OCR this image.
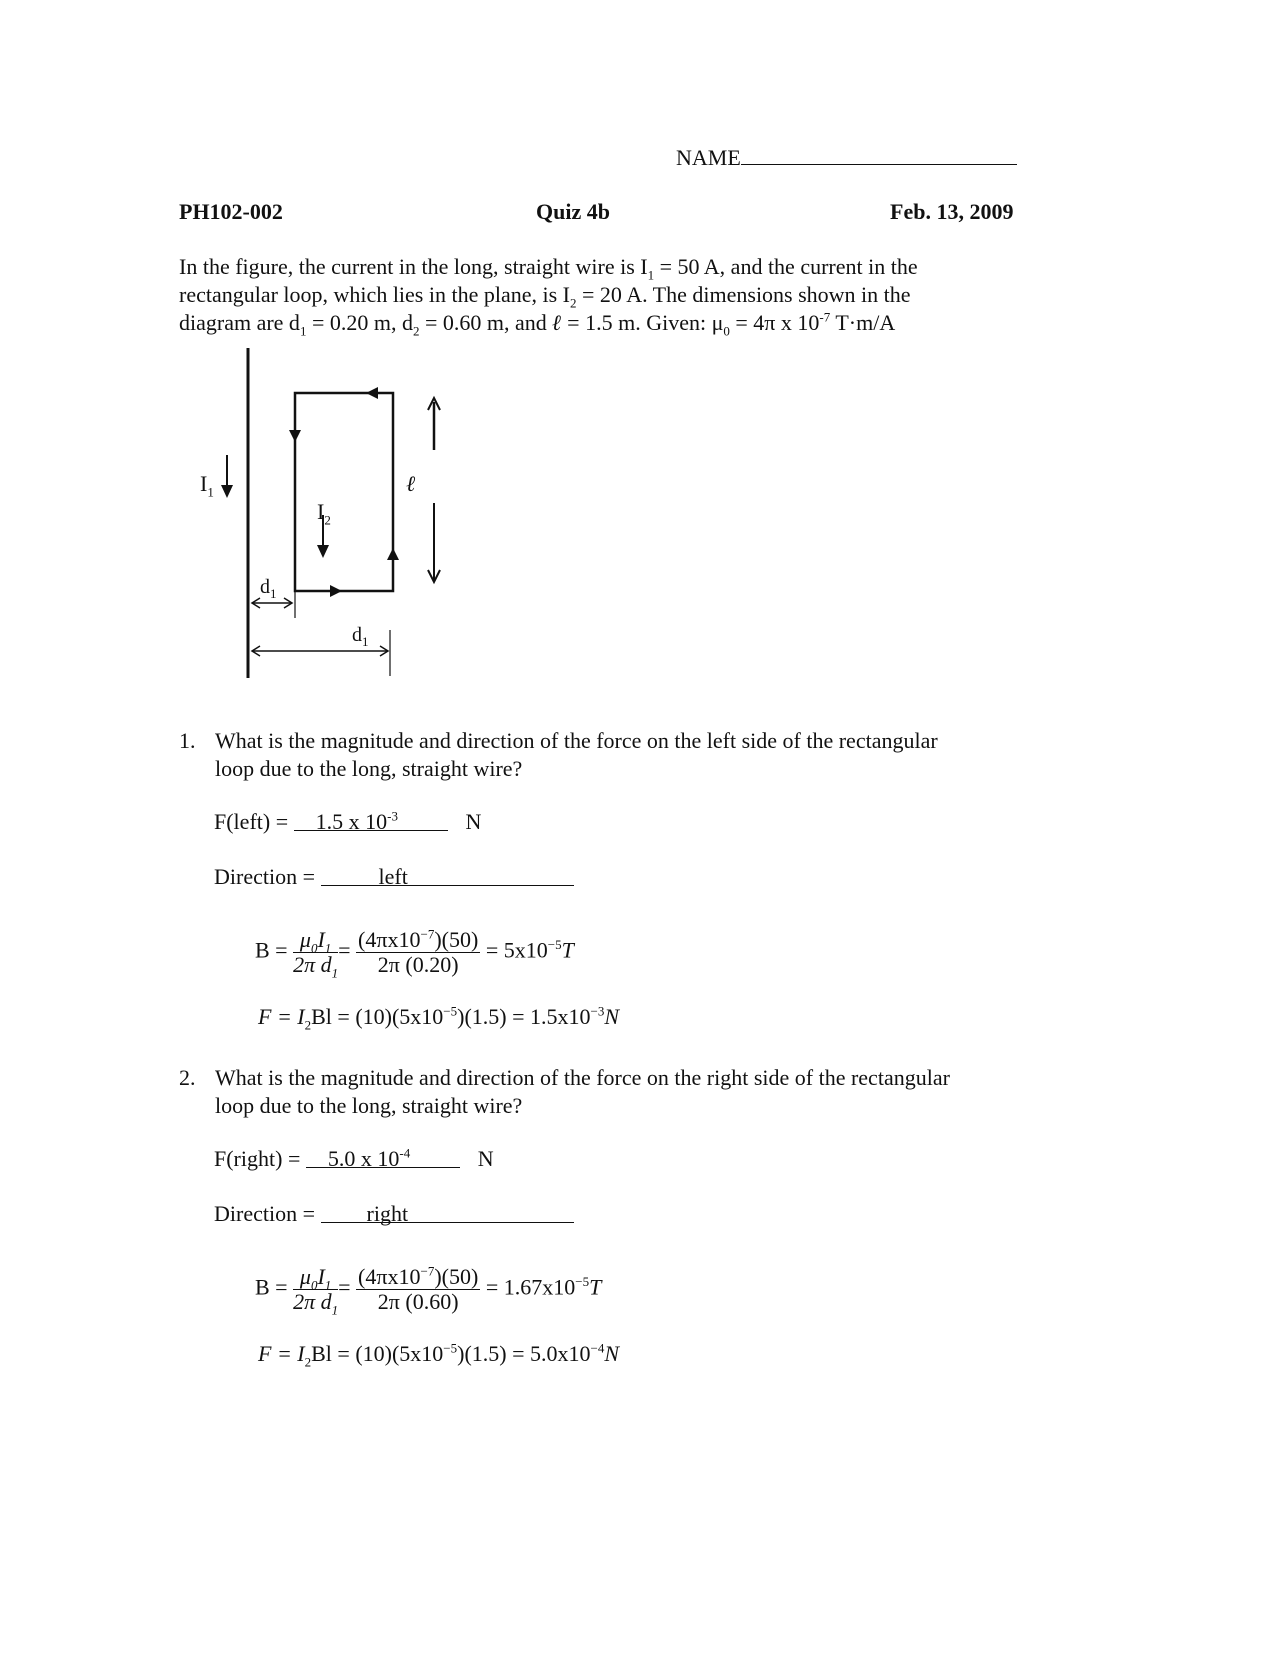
NAME
PH102-002	Quiz 4b	Feb. 13, 2009
In the figure, the current in the long, straight wire is $I_1 = 50$ A, and the current in the
rectangular loop, which lies in the plane, is $I_2 = 20$ A. The dimensions shown in the
diagram are $d_1 = 0.20$ m, $d_2 = 0.60$ m, and ℓ = 1.5 m. Given: $\mu_0 = 4\pi$ x $10^{-7}$ T·m/A
$I_1$
$I_2$
ℓ
$d_1$
$d_1$
1. What is the magnitude and direction of the force on the left side of the rectangular
loop due to the long, straight wire?
F(left) = 1.5 x $10^{-3}$	N
Direction =	left
$B = \frac{\mu_0I_1}{2\pi d_1} = \frac{(4\pi x10^{-7})(50)}{2\pi (0.20)} = 5x10^{-5}T$
$F = I_2Bl = (10)(5x10^{-5})(1.5) = 1.5x10^{-3}N$
2. What is the magnitude and direction of the force on the right side of the rectangular
loop due to the long, straight wire?
F(right) = 5.0 x $10^{-4}$	N
Direction = right
$B = \frac{\mu_0I_1}{2\pi d_1} = \frac{(4\pi x10^{-7})(50)}{2\pi (0.60)} = 1.67x10^{-5}T$
$F = I_2Bl = (10)(5x10^{-5})(1.5) = 5.0x10^{-4}N$
